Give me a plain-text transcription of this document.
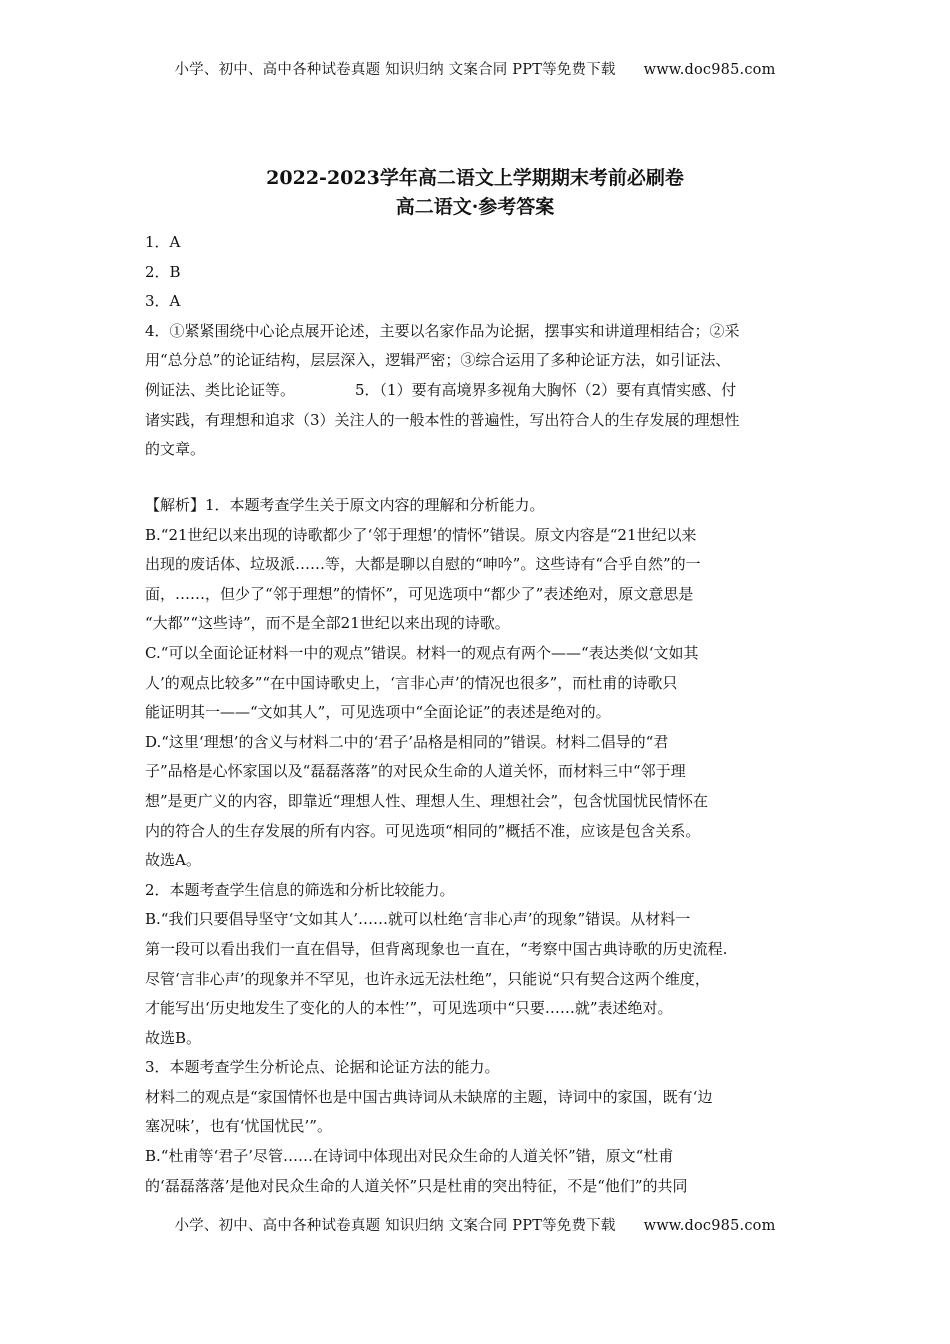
小学、初中、高中各种试卷真题 知识归纳 文案合同 PPT等免费下载 www.doc985.com
2022-2023学年高二语文上学期期末考前必刷卷
高二语文·参考答案

1．A

2．B

3．A

4．①紧紧围绕中心论点展开论述，主要以名家作品为论据，摆事实和讲道理相结合；②采

用“总分总”的论证结构，层层深入，逻辑严密；③综合运用了多种论证方法，如引证法、

例证法、类比论证等。	5．（1）要有高境界多视角大胸怀（2）要有真情实感、付

诸实践，有理想和追求（3）关注人的一般本性的普遍性，写出符合人的生存发展的理想性

的文章。

【解析】1．本题考查学生关于原文内容的理解和分析能力。

B.“21世纪以来出现的诗歌都少了‘邻于理想’的情怀”错误。原文内容是“21世纪以来

出现的废话体、垃圾派……等，大都是聊以自慰的“呻吟”。这些诗有“合乎自然”的一

面，……，但少了“邻于理想”的情怀”，可见选项中“都少了”表述绝对，原文意思是

“大都”“这些诗”，而不是全部21世纪以来出现的诗歌。

C.“可以全面论证材料一中的观点”错误。材料一的观点有两个——“表达类似‘文如其

人’的观点比较多”“在中国诗歌史上，‘言非心声’的情况也很多”，而杜甫的诗歌只

能证明其一——“文如其人”，可见选项中“全面论证”的表述是绝对的。

D.“这里‘理想’的含义与材料二中的‘君子’品格是相同的”错误。材料二倡导的“君

子”品格是心怀家国以及“磊磊落落”的对民众生命的人道关怀，而材料三中“邻于理

想”是更广义的内容，即靠近“理想人性、理想人生、理想社会”，包含忧国忧民情怀在

内的符合人的生存发展的所有内容。可见选项“相同的”概括不准，应该是包含关系。

故选A。

2．本题考查学生信息的筛选和分析比较能力。

B.“我们只要倡导坚守‘文如其人’……就可以杜绝‘言非心声’的现象”错误。从材料一

第一段可以看出我们一直在倡导，但背离现象也一直在，“考察中国古典诗歌的历史流程.

尽管‘言非心声’的现象并不罕见，也许永远无法杜绝”，只能说“只有契合这两个维度，

才能写出‘历史地发生了变化的人的本性’”，可见选项中“只要……就”表述绝对。

故选B。

3．本题考查学生分析论点、论据和论证方法的能力。

材料二的观点是“家国情怀也是中国古典诗词从未缺席的主题，诗词中的家国，既有‘边

塞况味’，也有‘忧国忧民’”。

B.“杜甫等‘君子’尽管……在诗词中体现出对民众生命的人道关怀”错，原文“杜甫

的‘磊磊落落’是他对民众生命的人道关怀”只是杜甫的突出特征，不是“他们”的共同

小学、初中、高中各种试卷真题 知识归纳 文案合同 PPT等免费下载 www.doc985.com
